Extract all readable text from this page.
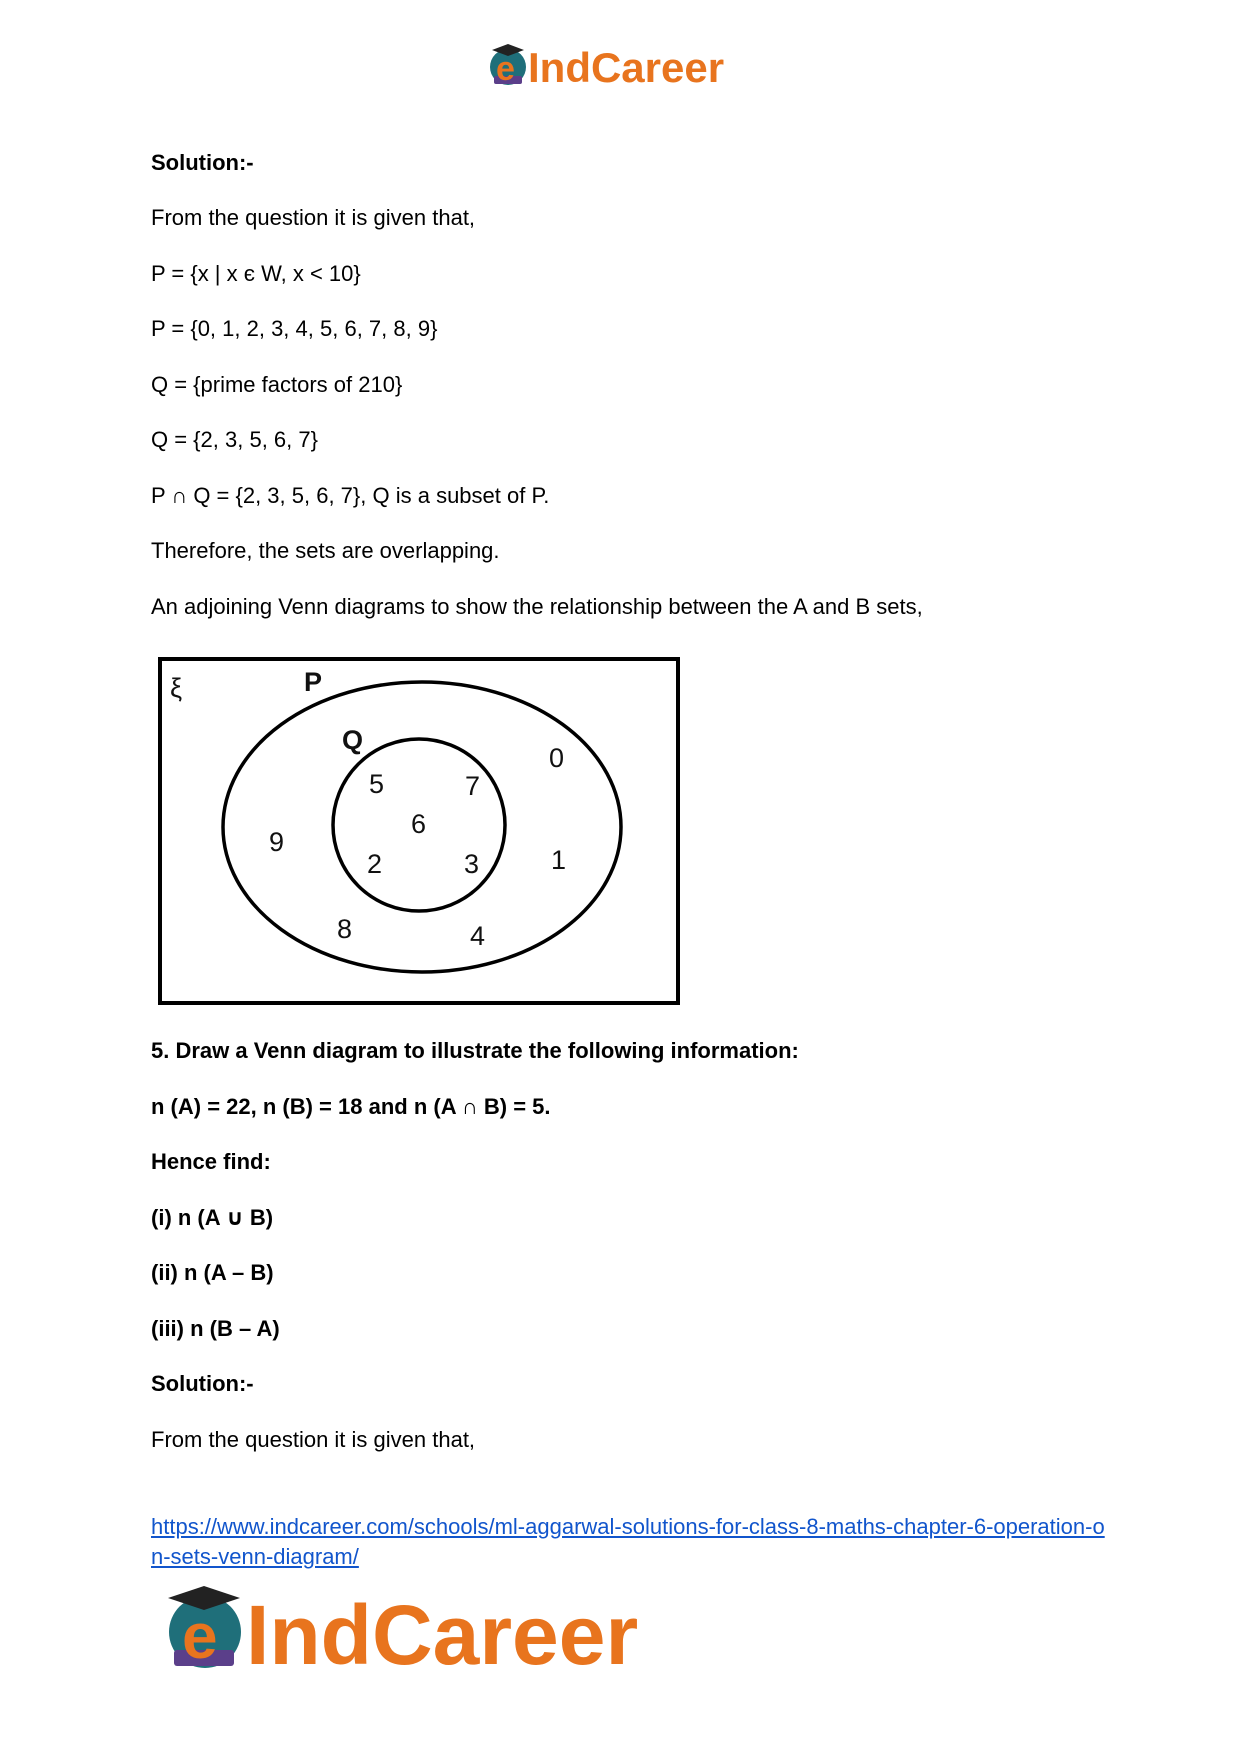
e IndCareer
Solution:-
From the question it is given that,
P = {x | x є W, x < 10}
P = {0, 1, 2, 3, 4, 5, 6, 7, 8, 9}
Q = {prime factors of 210}
Q = {2, 3, 5, 6, 7}
P ∩ Q = {2, 3, 5, 6, 7}, Q is a subset of P.
Therefore, the sets are overlapping.
An adjoining Venn diagrams to show the relationship between the A and B sets,
ξ	P
Q
5	7
6
2	3
0
9
1
8	4
5. Draw a Venn diagram to illustrate the following information:
n (A) = 22, n (B) = 18 and n (A ∩ B) = 5.
Hence find:
(i) n (A ∪ B)
(ii) n (A – B)
(iii) n (B – A)
Solution:-
From the question it is given that,
https://www.indcareer.com/schools/ml-aggarwal-solutions-for-class-8-maths-chapter-6-operation-on-sets-venn-diagram/
e IndCareer
